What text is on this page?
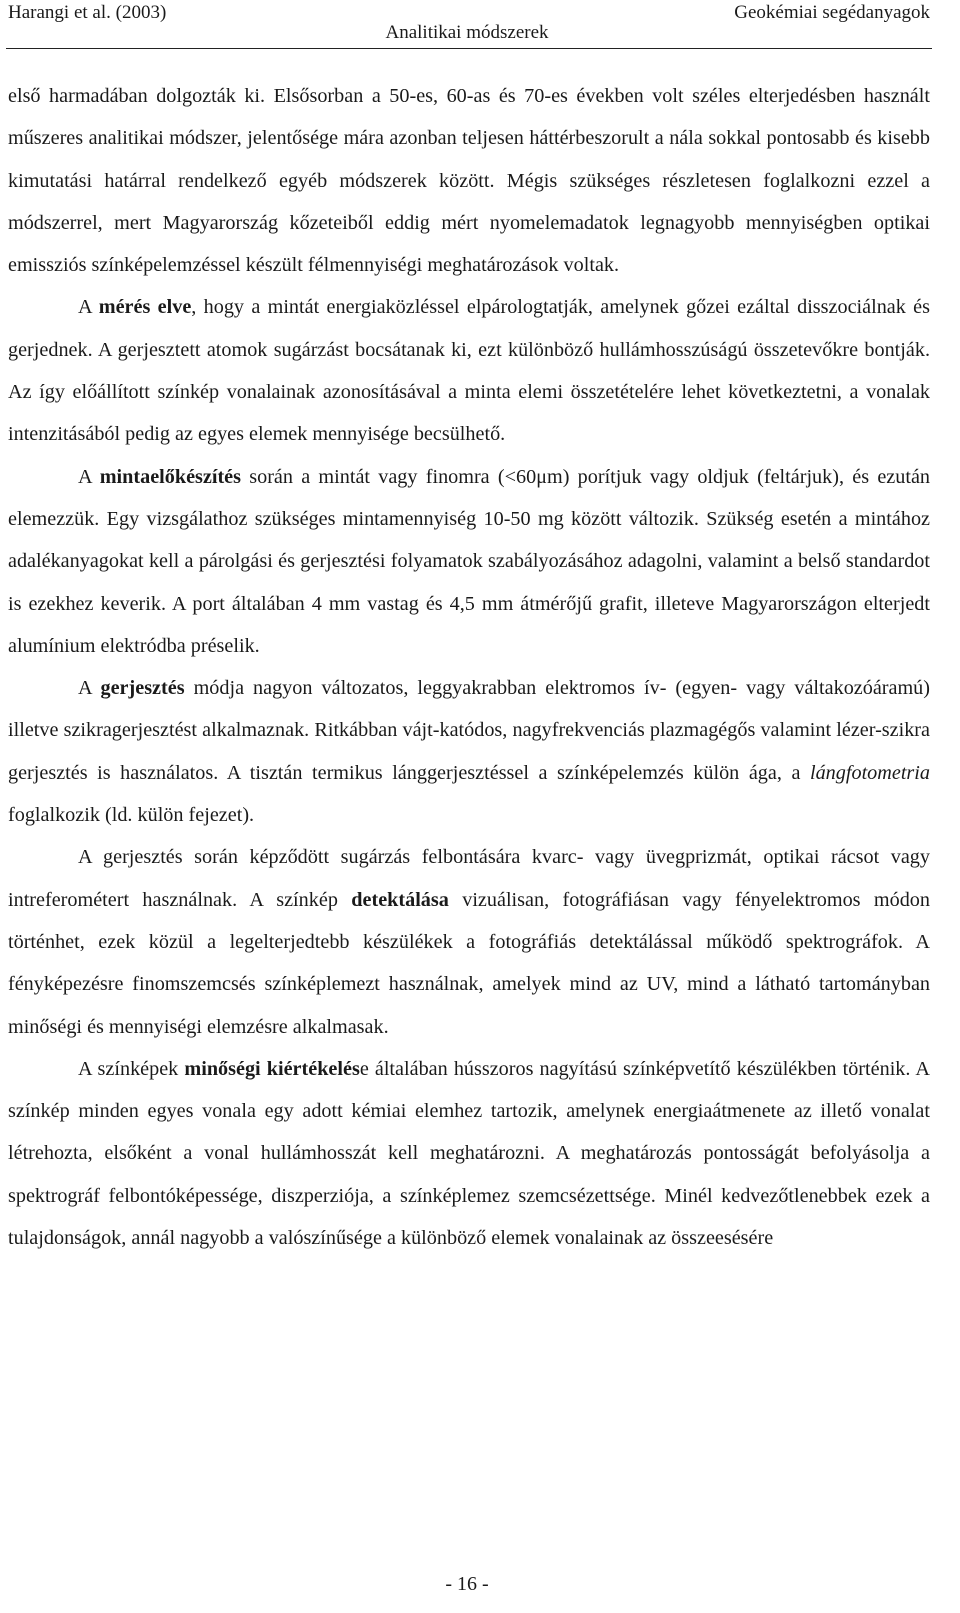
Harangi et al. (2003)	Geokémiai segédanyagok
Analitikai módszerek

első harmadában dolgozták ki. Elsősorban a 50-es, 60-as és 70-es években volt széles elterjedésben használt műszeres analitikai módszer, jelentősége mára azonban teljesen háttérbeszorult a nála sokkal pontosabb és kisebb kimutatási határral rendelkező egyéb módszerek között. Mégis szükséges részletesen foglalkozni ezzel a módszerrel, mert Magyarország kőzeteiből eddig mért nyomelemadatok legnagyobb mennyiségben optikai emissziós színképelemzéssel készült félmennyiségi meghatározások voltak.

A mérés elve, hogy a mintát energiaközléssel elpárologtatják, amelynek gőzei ezáltal disszociálnak és gerjednek. A gerjesztett atomok sugárzást bocsátanak ki, ezt különböző hullámhosszúságú összetevőkre bontják. Az így előállított színkép vonalainak azonosításával a minta elemi összetételére lehet következtetni, a vonalak intenzitásából pedig az egyes elemek mennyisége becsülhető.

A mintaelőkészítés során a mintát vagy finomra (<60μm) porítjuk vagy oldjuk (feltárjuk), és ezután elemezzük. Egy vizsgálathoz szükséges mintamennyiség 10-50 mg között változik. Szükség esetén a mintához adalékanyagokat kell a párolgási és gerjesztési folyamatok szabályozásához adagolni, valamint a belső standardot is ezekhez keverik. A port általában 4 mm vastag és 4,5 mm átmérőjű grafit, illeteve Magyarországon elterjedt alumínium elektródba préselik.

A gerjesztés módja nagyon változatos, leggyakrabban elektromos ív- (egyen- vagy váltakozóáramú) illetve szikragerjesztést alkalmaznak. Ritkábban vájt-katódos, nagyfrekvenciás plazmagégős valamint lézer-szikra gerjesztés is használatos. A tisztán termikus lánggerjesztéssel a színképelemzés külön ága, a lángfotometria foglalkozik (ld. külön fejezet).

A gerjesztés során képződött sugárzás felbontására kvarc- vagy üvegprizmát, optikai rácsot vagy intreferométert használnak. A színkép detektálása vizuálisan, fotográfiásan vagy fényelektromos módon történhet, ezek közül a legelterjedtebb készülékek a fotográfiás detektálással működő spektrográfok. A fényképezésre finomszemcsés színképlemezt használnak, amelyek mind az UV, mind a látható tartományban minőségi és mennyiségi elemzésre alkalmasak.

A színképek minőségi kiértékelése általában hússzoros nagyítású színképvetítő készülékben történik. A színkép minden egyes vonala egy adott kémiai elemhez tartozik, amelynek energiaátmenete az illető vonalat létrehozta, elsőként a vonal hullámhosszát kell meghatározni. A meghatározás pontosságát befolyásolja a spektrográf felbontóképessége, diszperziója, a színképlemez szemcsézettsége. Minél kedvezőtlenebbek ezek a tulajdonságok, annál nagyobb a valószínűsége a különböző elemek vonalainak az összeesésére

- 16 -
